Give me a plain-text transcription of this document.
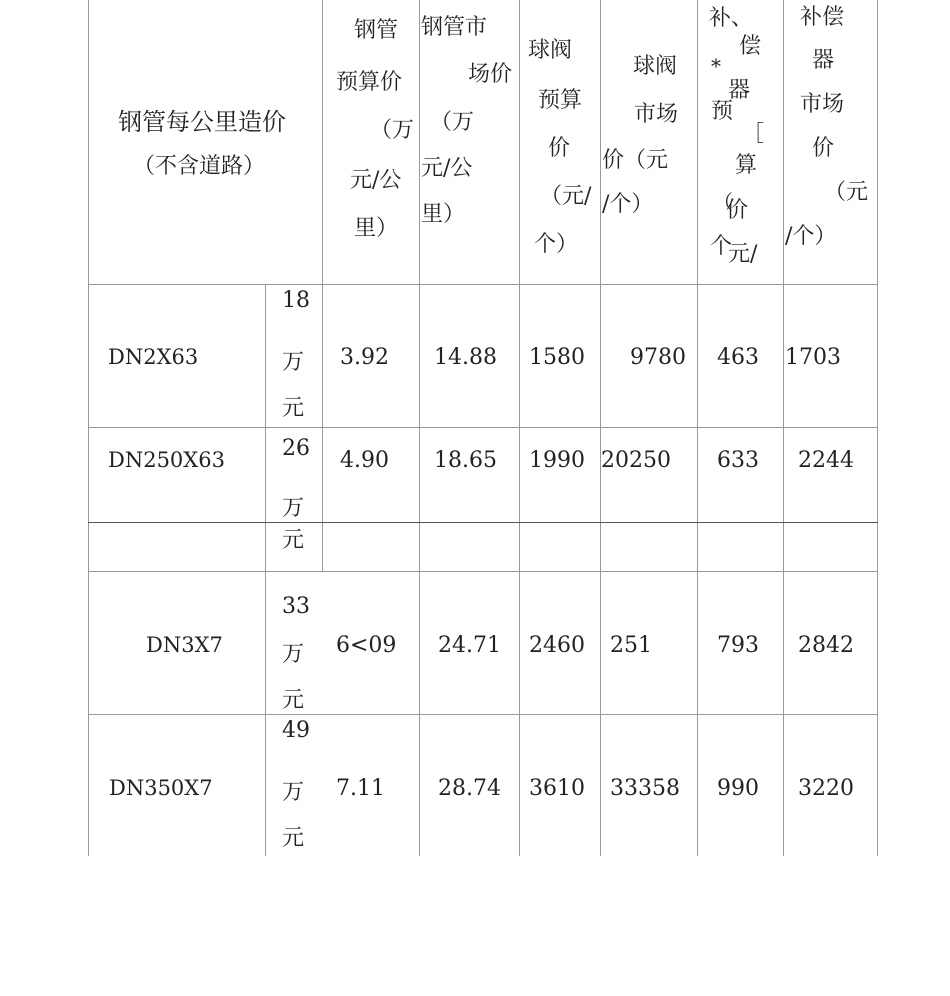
钢管每公里造价
（不含道路）
钢管
预算价
（万
元/公
里）
钢管市
场价
（万
元/公
里）
球阀
预算
价
（元/
个）
球阀
市场
价（元
/个）
补、
偿
*
器
预
［
算
（
价
个
元/
补偿
器
市场
价
（元
/个）
DN2X63
18
万
元
3.92 14.88 1580 9780 463 1703
DN250X63	26
万
元
4.90 18.65 1990 20250 633 2244
DN3X7
33
万
元
6<09 24.71 2460 251	793 2842
DN350X7
49
万
元
7.11 28.74 3610 33358 990 3220
